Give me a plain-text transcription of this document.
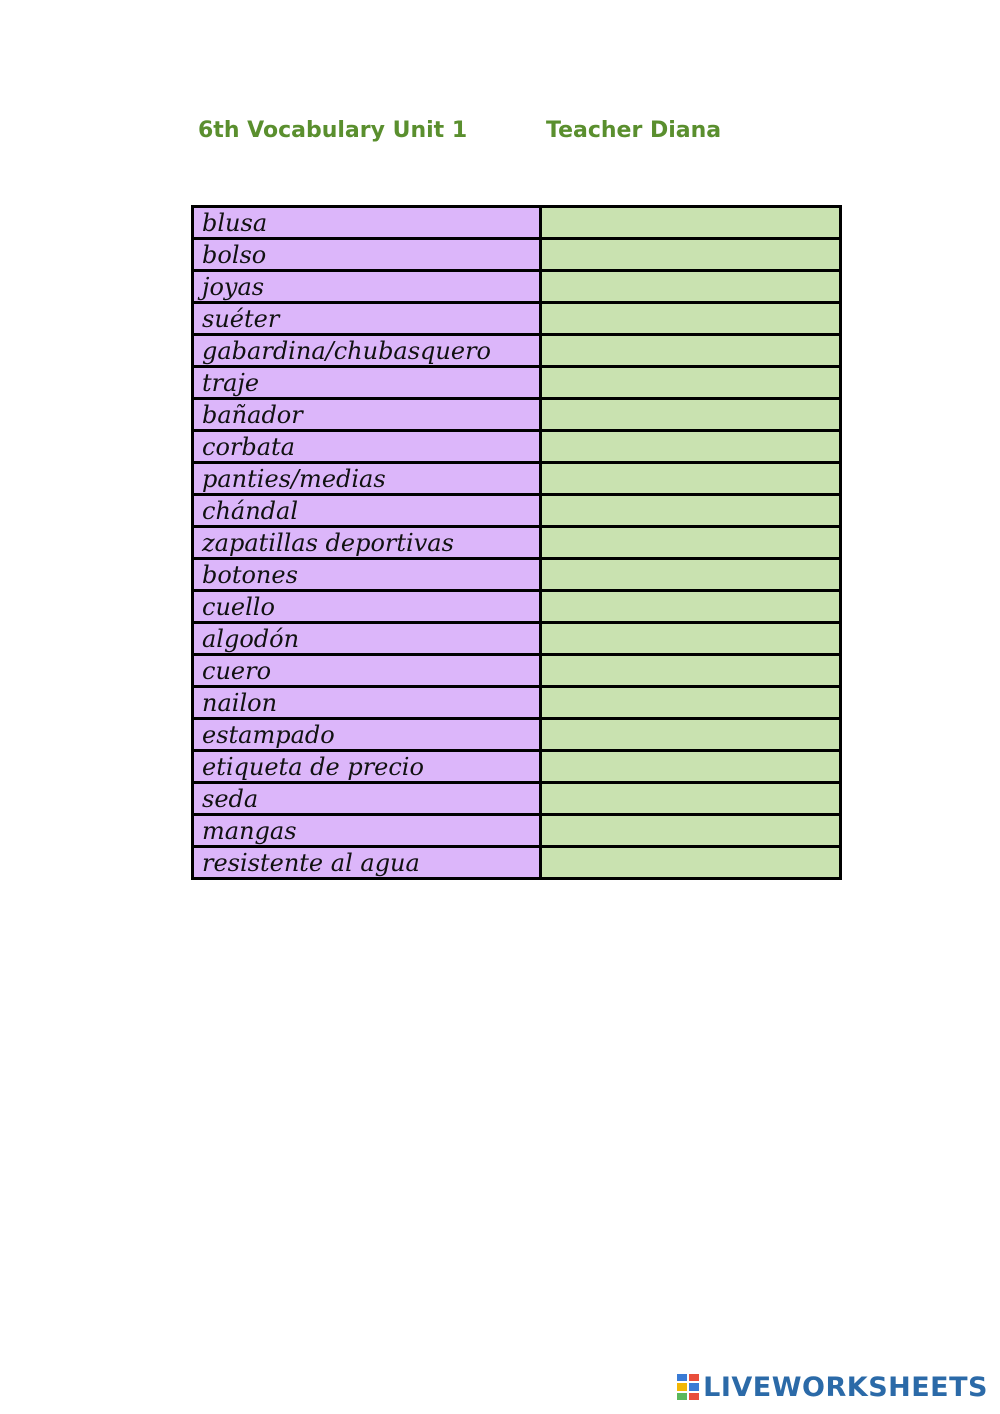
6th Vocabulary Unit 1	Teacher Diana
blusa	
bolso	
joyas	
suéter	
gabardina/chubasquero	
traje	
bañador	
corbata	
panties/medias	
chándal	
zapatillas deportivas	
botones	
cuello	
algodón	
cuero	
nailon	
estampado	
etiqueta de precio	
seda	
mangas	
resistente al agua	
LIVEWORKSHEETS
